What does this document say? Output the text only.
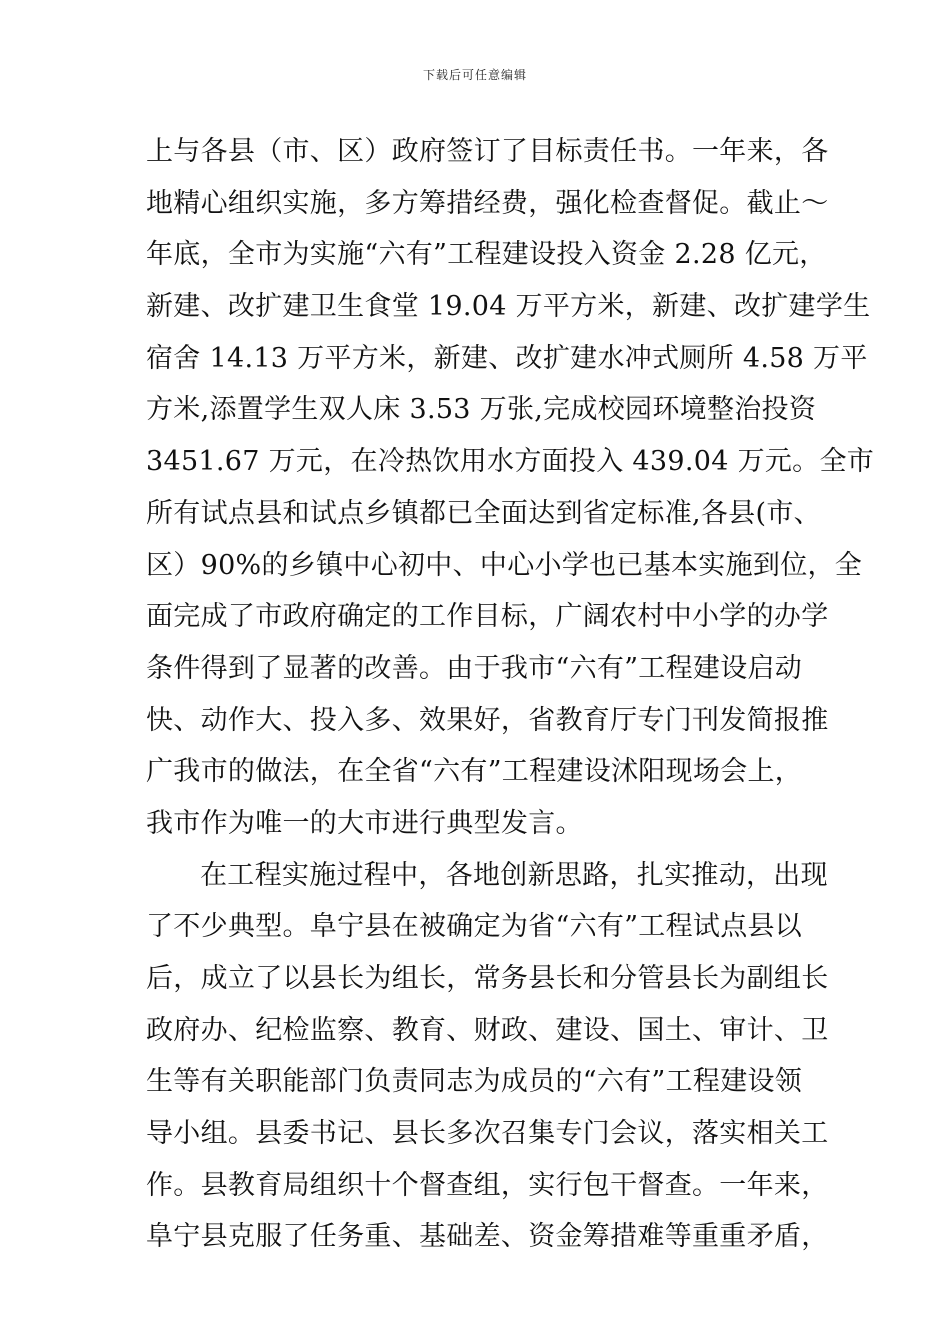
下载后可任意编辑
上与各县（市、区）政府签订了目标责任书。一年来，各
地精心组织实施，多方筹措经费，强化检查督促。截止～
年底，全市为实施“六有”工程建设投入资金 2.28 亿元，
新建、改扩建卫生食堂 19.04 万平方米，新建、改扩建学生
宿舍 14.13 万平方米，新建、改扩建水冲式厕所 4.58 万平
方米,添置学生双人床 3.53 万张,完成校园环境整治投资
3451.67 万元，在冷热饮用水方面投入 439.04 万元。全市
所有试点县和试点乡镇都已全面达到省定标准,各县(市、
区）90%的乡镇中心初中、中心小学也已基本实施到位，全
面完成了市政府确定的工作目标，广阔农村中小学的办学
条件得到了显著的改善。由于我市“六有”工程建设启动
快、动作大、投入多、效果好，省教育厅专门刊发简报推
广我市的做法，在全省“六有”工程建设沭阳现场会上，
我市作为唯一的大市进行典型发言。
在工程实施过程中，各地创新思路，扎实推动，出现
了不少典型。阜宁县在被确定为省“六有”工程试点县以
后，成立了以县长为组长，常务县长和分管县长为副组长
政府办、纪检监察、教育、财政、建设、国土、审计、卫
生等有关职能部门负责同志为成员的“六有”工程建设领
导小组。县委书记、县长多次召集专门会议，落实相关工
作。县教育局组织十个督查组，实行包干督查。一年来，
阜宁县克服了任务重、基础差、资金筹措难等重重矛盾，
